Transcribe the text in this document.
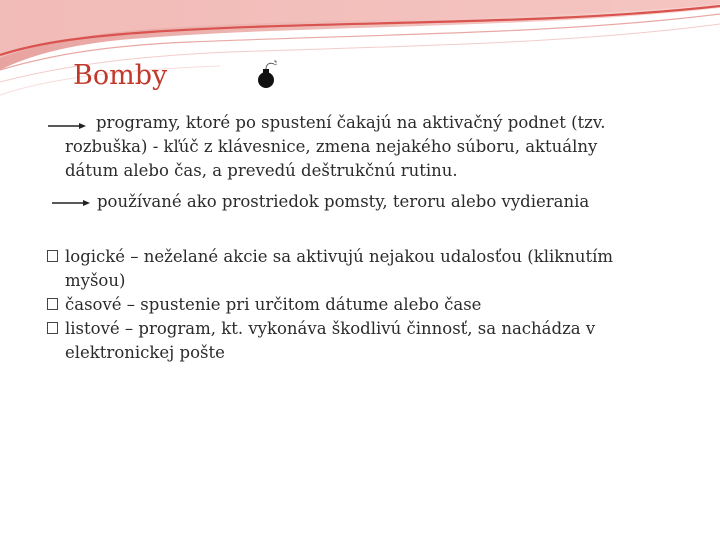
Bomby
programy, ktoré po spustení čakajú na aktivačný podnet (tzv. rozbuška) - kľúč z klávesnice, zmena nejakého súboru, aktuálny dátum alebo čas, a prevedú deštrukčnú rutinu.
používané ako prostriedok pomsty, teroru alebo vydierania
logické – neželané akcie sa aktivujú nejakou udalosťou (kliknutím myšou)
časové – spustenie pri určitom dátume alebo čase
listové – program, kt. vykonáva škodlivú činnosť, sa nachádza v elektronickej pošte
